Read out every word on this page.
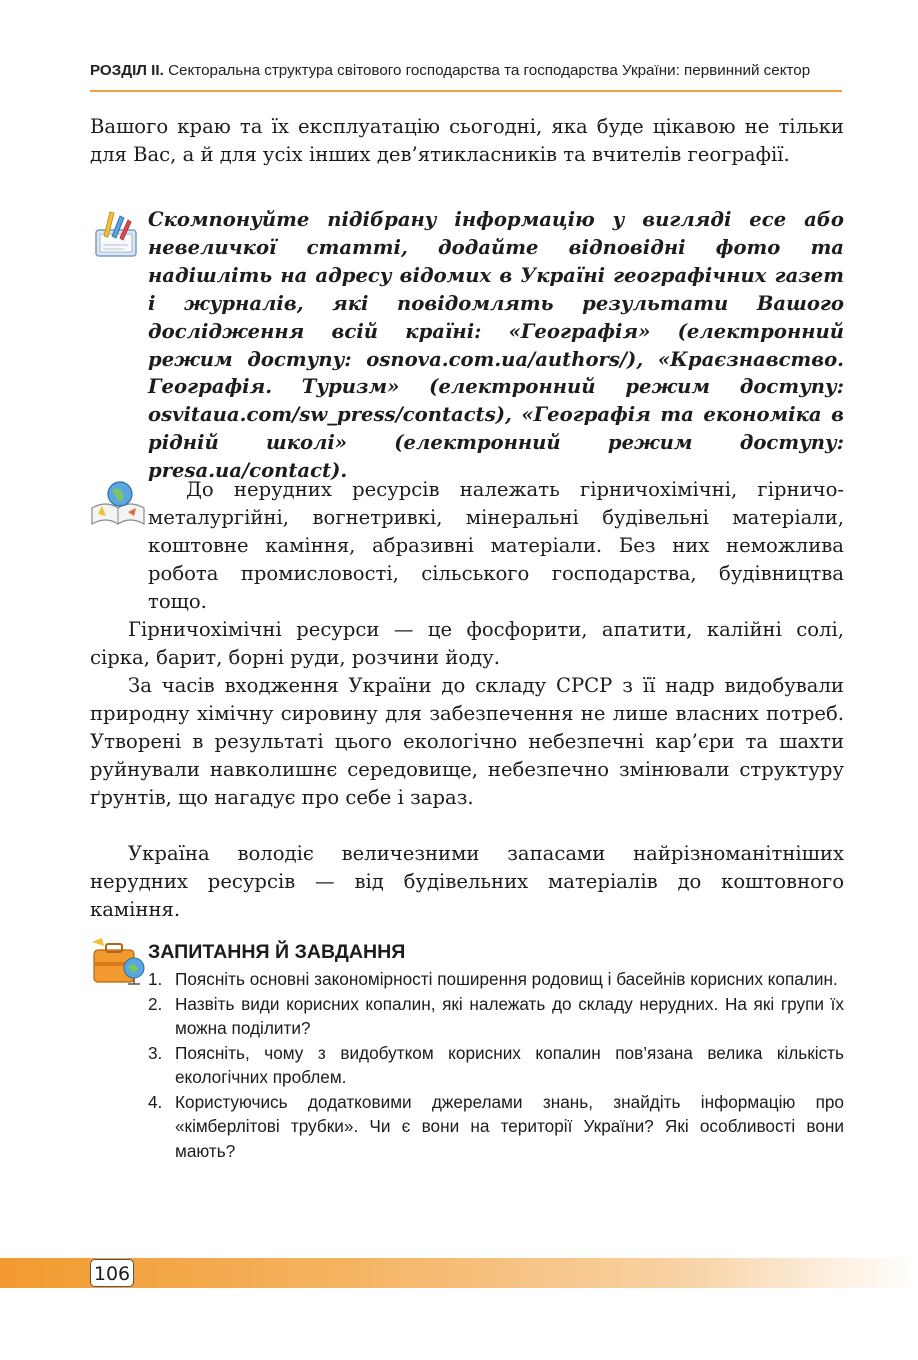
РОЗДІЛ ІІ. Секторальна структура світового господарства та господарства України: первинний сектор

Вашого краю та їх експлуатацію сьогодні, яка буде цікавою не тільки для Вас, а й для усіх інших дев’ятикласників та вчителів географії.

Скомпонуйте підібрану інформацію у вигляді есе або невеличкої статті, додайте відповідні фото та надішліть на адресу відомих в Україні географічних газет і журналів, які повідомлять результати Вашого дослідження всій країні: «Географія» (електронний режим доступу: osnova.com.ua/authors/), «Краєзнавство. Географія. Туризм» (електронний режим доступу: osvitaua.com/sw_press/contacts), «Географія та економіка в рідній школі» (електронний режим доступу: presa.ua/contact).

До нерудних ресурсів належать гірничохімічні, гірничо-металургійні, вогнетривкі, мінеральні будівельні матеріали, коштовне каміння, абразивні матеріали. Без них неможлива робота промисловості, сільського господарства, будівництва тощо.

Гірничохімічні ресурси — це фосфорити, апатити, калійні солі, сірка, барит, борні руди, розчини йоду.

За часів входження України до складу СРСР з її надр видобували природну хімічну сировину для забезпечення не лише власних потреб. Утворені в результаті цього екологічно небезпечні кар’єри та шахти руйнували навколишнє середовище, небезпечно змінювали структуру ґрунтів, що нагадує про себе і зараз.

Україна володіє величезними запасами найрізноманітніших нерудних ресурсів — від будівельних матеріалів до коштовного каміння.

ЗАПИТАННЯ Й ЗАВДАННЯ
1. Поясніть основні закономірності поширення родовищ і басейнів корисних копалин.
2. Назвіть види корисних копалин, які належать до складу нерудних. На які групи їх можна поділити?
3. Поясніть, чому з видобутком корисних копалин пов’язана велика кількість екологічних проблем.
4. Користуючись додатковими джерелами знань, знайдіть інформацію про «кімберлітові трубки». Чи є вони на території України? Які особливості вони мають?
106
